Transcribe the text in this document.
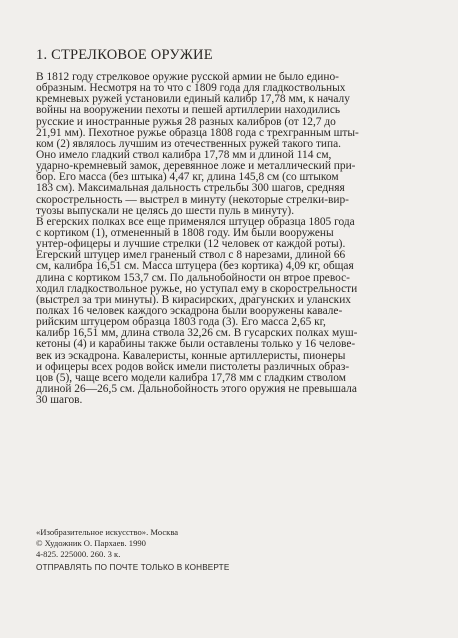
1. СТРЕЛКОВОЕ ОРУЖИЕ
В 1812 году стрелковое оружие русской армии не было едино-
образным. Несмотря на то что с 1809 года для гладкоствольных
кремневых ружей установили единый калибр 17,78 мм, к началу
войны на вооружении пехоты и пешей артиллерии находились
русские и иностранные ружья 28 разных калибров (от 12,7 до
21,91 мм). Пехотное ружье образца 1808 года с трехгранным шты-
ком (2) являлось лучшим из отечественных ружей такого типа.
Оно имело гладкий ствол калибра 17,78 мм и длиной 114 см,
ударно-кремневый замок, деревянное ложе и металлический при-
бор. Его масса (без штыка) 4,47 кг, длина 145,8 см (со штыком
183 см). Максимальная дальность стрельбы 300 шагов, средняя
скорострельность — выстрел в минуту (некоторые стрелки-вир-
туозы выпускали не целясь до шести пуль в минуту).
В егерских полках все еще применялся штуцер образца 1805 года
с кортиком (1), отмененный в 1808 году. Им были вооружены
унтер-офицеры и лучшие стрелки (12 человек от каждой роты).
Егерский штуцер имел граненый ствол с 8 нарезами, длиной 66
см, калибра 16,51 см. Масса штуцера (без кортика) 4,09 кг, общая
длина с кортиком 153,7 см. По дальнобойности он втрое превос-
ходил гладкоствольное ружье, но уступал ему в скорострельности
(выстрел за три минуты). В кирасирских, драгунских и уланских
полках 16 человек каждого эскадрона были вооружены кавале-
рийским штуцером образца 1803 года (3). Его масса 2,65 кг,
калибр 16,51 мм, длина ствола 32,26 см. В гусарских полках муш-
кетоны (4) и карабины также были оставлены только у 16 челове-
век из эскадрона. Кавалеристы, конные артиллеристы, пионеры
и офицеры всех родов войск имели пистолеты различных образ-
цов (5), чаще всего модели калибра 17,78 мм с гладким стволом
длиной 26—26,5 см. Дальнобойность этого оружия не превышала
30 шагов.
«Изобразительное искусство». Москва
© Художник О. Пархаев. 1990
4-825. 225000. 260. 3 к.
ОТПРАВЛЯТЬ ПО ПОЧТЕ ТОЛЬКО В КОНВЕРТЕ
